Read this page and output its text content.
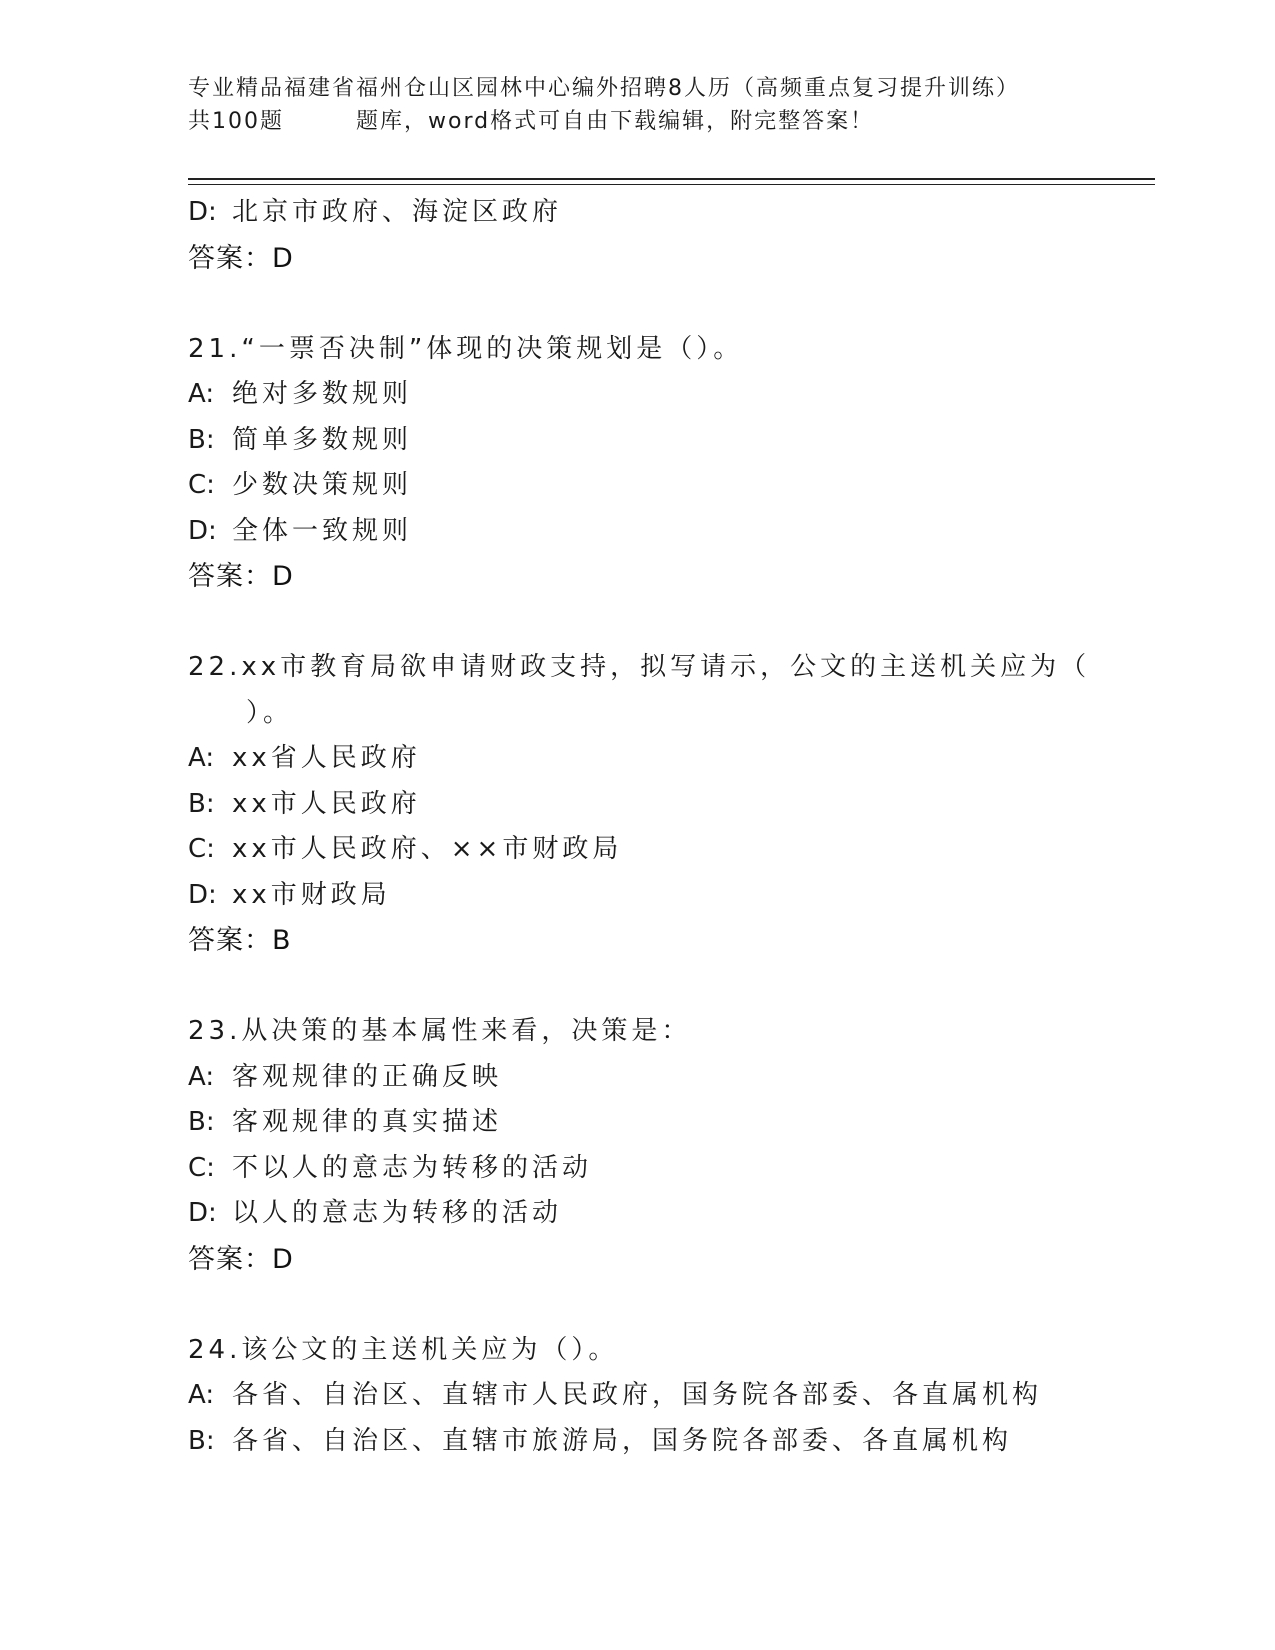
专业精品福建省福州仓山区园林中心编外招聘8人历（高频重点复习提升训练）
共100题	题库，word格式可自由下载编辑，附完整答案！
D: 北京市政府、海淀区政府
答案：D
21.“一票否决制”体现的决策规划是（）。
A: 绝对多数规则
B: 简单多数规则
C: 少数决策规则
D: 全体一致规则
答案：D
22.xx市教育局欲申请财政支持，拟写请示，公文的主送机关应为（
）。
A: xx省人民政府
B: xx市人民政府
C: xx市人民政府、××市财政局
D: xx市财政局
答案：B
23.从决策的基本属性来看，决策是：
A: 客观规律的正确反映
B: 客观规律的真实描述
C: 不以人的意志为转移的活动
D: 以人的意志为转移的活动
答案：D
24.该公文的主送机关应为（）。
A: 各省、自治区、直辖市人民政府，国务院各部委、各直属机构
B: 各省、自治区、直辖市旅游局，国务院各部委、各直属机构
